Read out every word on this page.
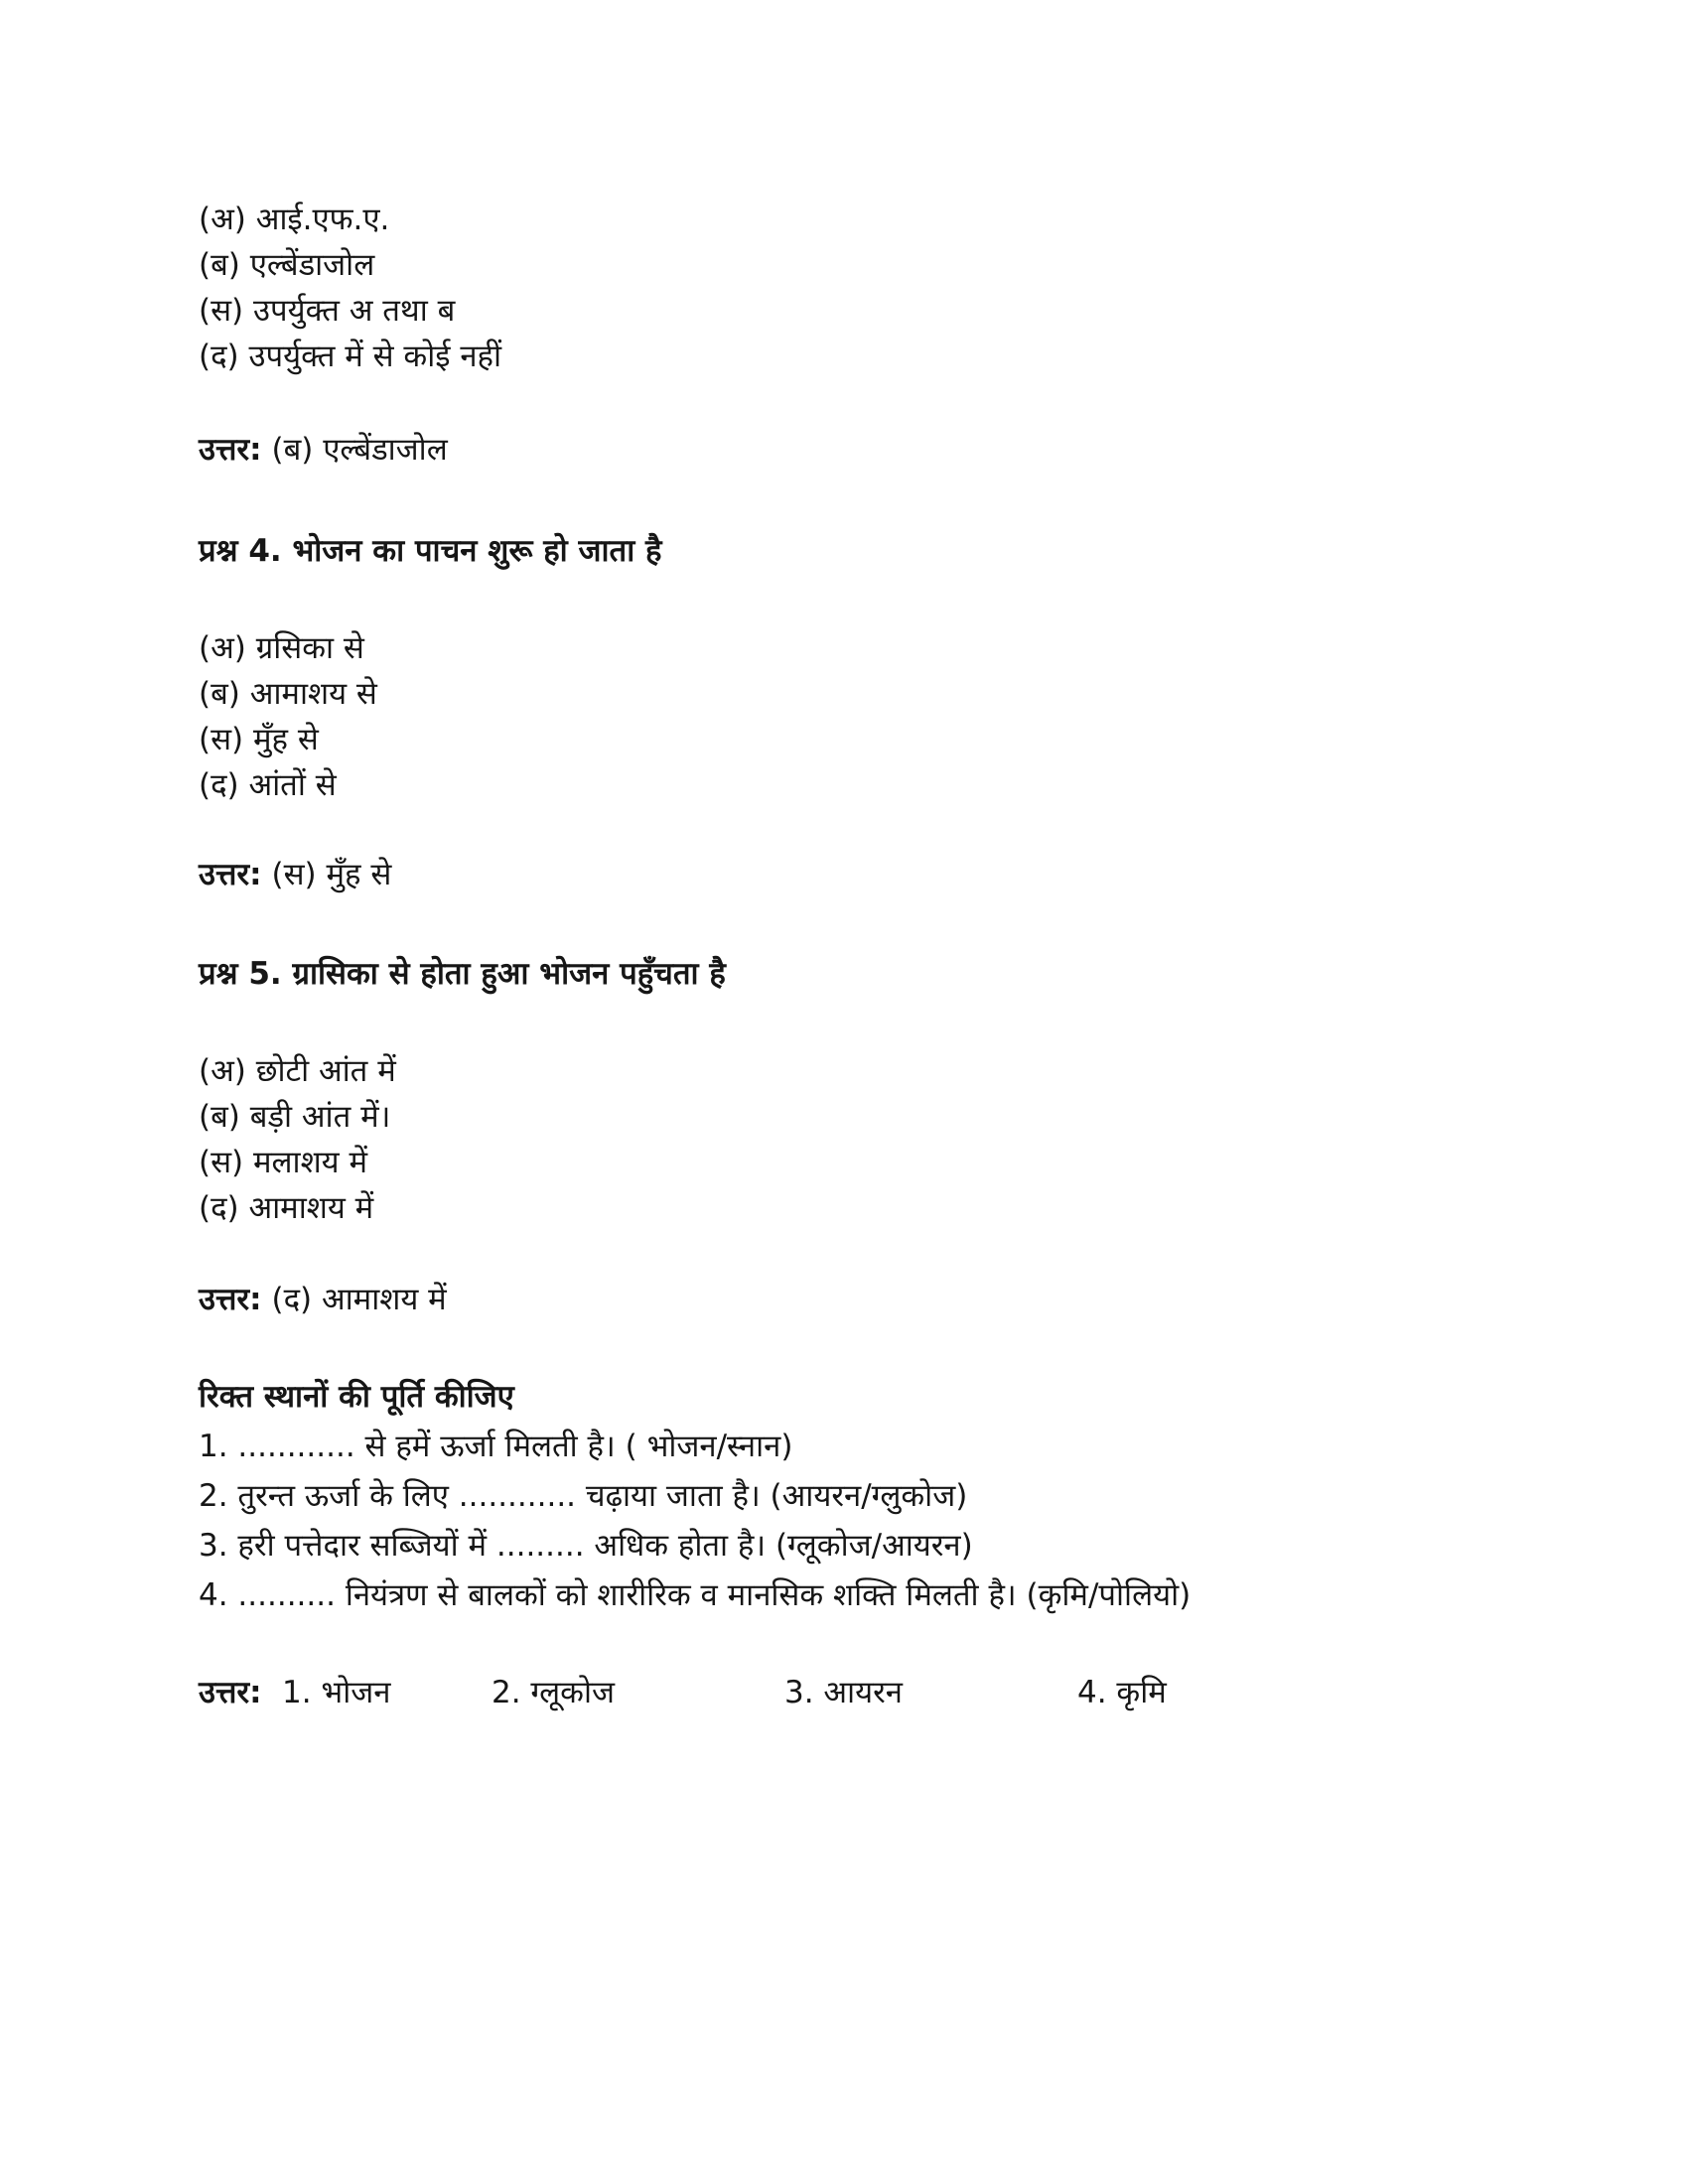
(अ) आई.एफ.ए.
(ब) एल्बेंडाजोल
(स) उपर्युक्त अ तथा ब
(द) उपर्युक्त में से कोई नहीं
उत्तर: (ब) एल्बेंडाजोल
प्रश्न 4. भोजन का पाचन शुरू हो जाता है
(अ) ग्रसिका से
(ब) आमाशय से
(स) मुँह से
(द) आंतों से
उत्तर: (स) मुँह से
प्रश्न 5. ग्रासिका से होता हुआ भोजन पहुँचता है
(अ) छोटी आंत में
(ब) बड़ी आंत में।
(स) मलाशय में
(द) आमाशय में
उत्तर: (द) आमाशय में
रिक्त स्थानों की पूर्ति कीजिए
1. ............ से हमें ऊर्जा मिलती है। ( भोजन/स्नान)
2. तुरन्त ऊर्जा के लिए ............ चढ़ाया जाता है। (आयरन/ग्लुकोज)
3. हरी पत्तेदार सब्जियों में ......... अधिक होता है। (ग्लूकोज/आयरन)
4. .......... नियंत्रण से बालकों को शारीरिक व मानसिक शक्ति मिलती है। (कृमि/पोलियो)
उत्तर: 1. भोजन	2. ग्लूकोज	3. आयरन	4. कृमि
